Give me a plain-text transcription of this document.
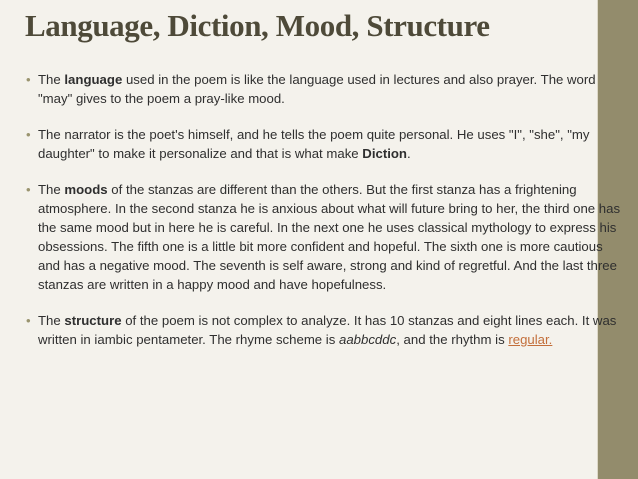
Language, Diction, Mood, Structure
• The language used in the poem is like the language used in lectures and also prayer. The word "may" gives to the poem a pray-like mood.
• The narrator is the poet's himself, and he tells the poem quite personal. He uses "I", "she", "my daughter" to make it personalize and that is what make Diction.
• The moods of the stanzas are different than the others. But the first stanza has a frightening atmosphere. In the second stanza he is anxious about what will future bring to her, the third one has the same mood but in here he is careful. In the next one he uses classical mythology to express his obsessions. The fifth one is a little bit more confident and hopeful. The sixth one is more cautious and has a negative mood. The seventh is self aware, strong and kind of regretful. And the last three stanzas are written in a happy mood and have hopefulness.
• The structure of the poem is not complex to analyze. It has 10 stanzas and eight lines each. It was written in iambic pentameter. The rhyme scheme is aabbcddc, and the rhythm is regular.
